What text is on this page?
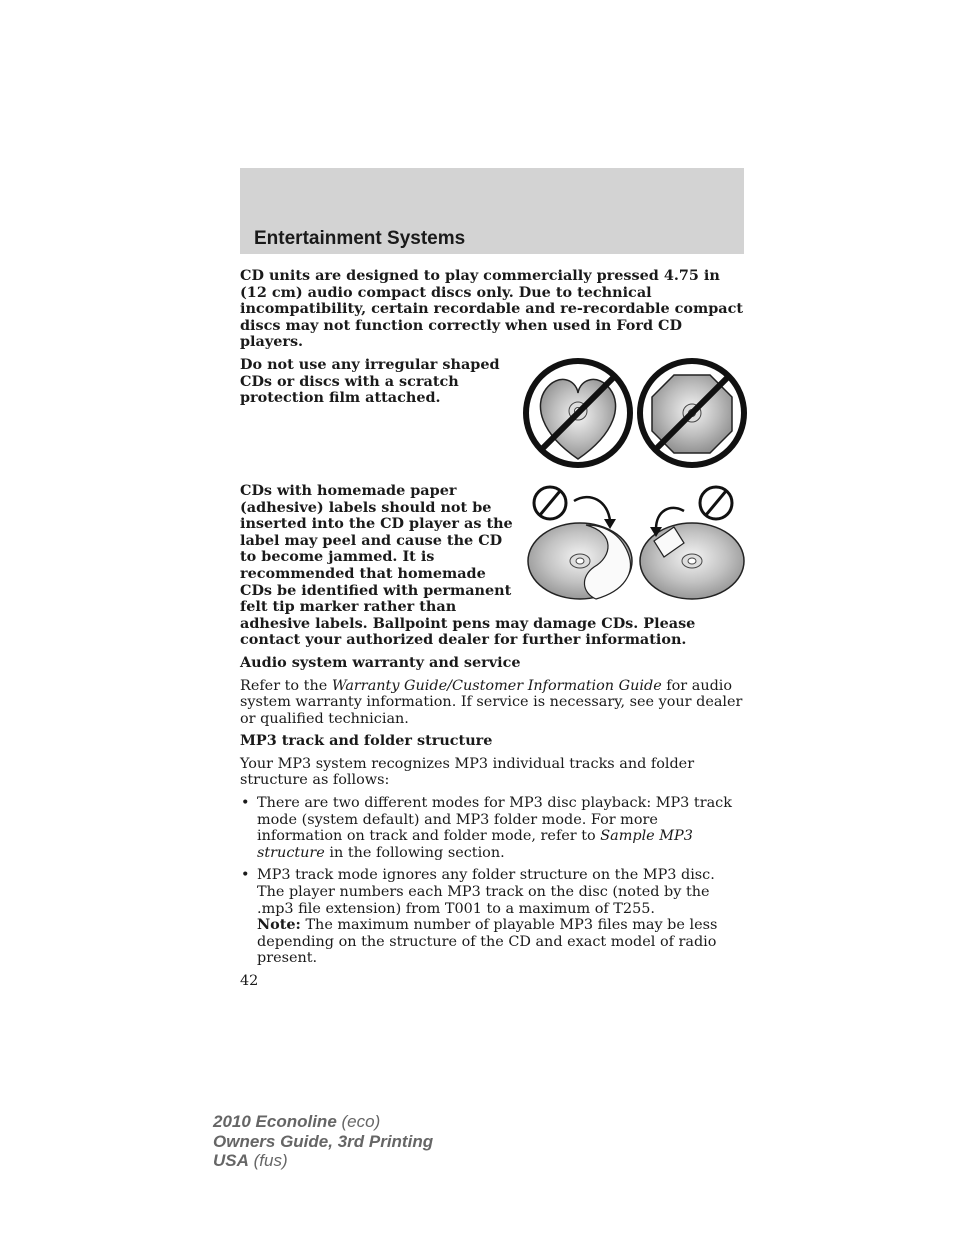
Entertainment Systems

CD units are designed to play commercially pressed 4.75 in (12 cm) audio compact discs only. Due to technical incompatibility, certain recordable and re-recordable compact discs may not function correctly when used in Ford CD players.

Do not use any irregular shaped CDs or discs with a scratch protection film attached.

CDs with homemade paper (adhesive) labels should not be inserted into the CD player as the label may peel and cause the CD to become jammed. It is recommended that homemade CDs be identified with permanent felt tip marker rather than adhesive labels. Ballpoint pens may damage CDs. Please contact your authorized dealer for further information.

Audio system warranty and service

Refer to the Warranty Guide/Customer Information Guide for audio system warranty information. If service is necessary, see your dealer or qualified technician.

MP3 track and folder structure

Your MP3 system recognizes MP3 individual tracks and folder structure as follows:

• There are two different modes for MP3 disc playback: MP3 track mode (system default) and MP3 folder mode. For more information on track and folder mode, refer to Sample MP3 structure in the following section.
• MP3 track mode ignores any folder structure on the MP3 disc. The player numbers each MP3 track on the disc (noted by the .mp3 file extension) from T001 to a maximum of T255.
Note: The maximum number of playable MP3 files may be less depending on the structure of the CD and exact model of radio present.

42

2010 Econoline (eco)
Owners Guide, 3rd Printing
USA (fus)
